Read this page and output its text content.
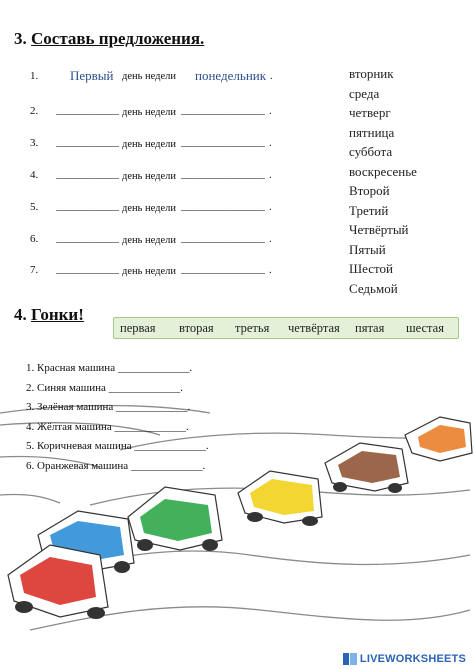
3. Составь предложения.
1. Первый день недели понедельник .
2. ____________ день недели ________________ .
3. ____________ день недели ________________ .
4. ____________ день недели ________________ .
5. ____________ день недели ________________ .
6. ____________ день недели ________________ .
7. ____________ день недели ________________ .
вторник
среда
четверг
пятница
суббота
воскресенье
Второй
Третий
Четвёртый
Пятый
Шестой
Седьмой
4. Гонки!
первая вторая третья четвёртая пятая шестая
1. Красная машина _____________.
2. Синяя машина _____________.
3. Зелёная машина _____________.
4. Жёлтая машина _____________.
5. Коричневая машина _____________.
6. Оранжевая машина _____________.
LIVEWORKSHEETS
